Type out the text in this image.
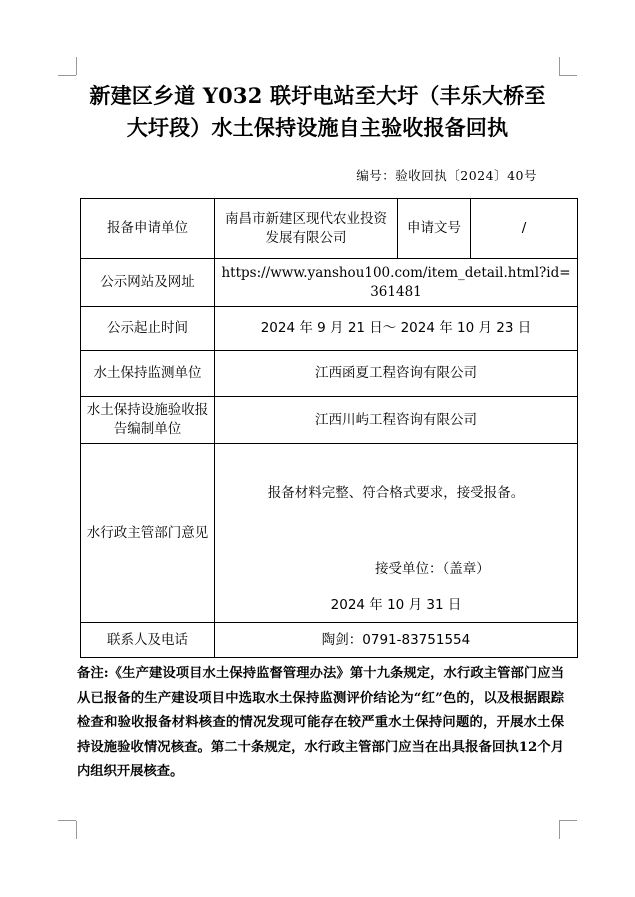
新建区乡道 Y032 联圩电站至大圩（丰乐大桥至
大圩段）水土保持设施自主验收报备回执
编号：验收回执〔2024〕40号
报备申请单位	南昌市新建区现代农业投资发展有限公司	申请文号	/
公示网站及网址	https://www.yanshou100.com/item_detail.html?id=361481		
公示起止时间	2024 年 9 月 21 日～ 2024 年 10 月 23 日		
水土保持监测单位	江西函夏工程咨询有限公司		
水土保持设施验收报告编制单位	江西川屿工程咨询有限公司		
水行政主管部门意见	报备材料完整、符合格式要求，接受报备。
接受单位：（盖章）
2024 年 10 月 31 日		

联系人及电话	陶剑：0791-83751554		
备注:《生产建设项目水土保持监督管理办法》第十九条规定，水行政主管部门应当从已报备的生产建设项目中选取水土保持监测评价结论为“红”色的，以及根据跟踪检查和验收报备材料核查的情况发现可能存在较严重水土保持问题的，开展水土保持设施验收情况核查。第二十条规定，水行政主管部门应当在出具报备回执12个月内组织开展核查。
